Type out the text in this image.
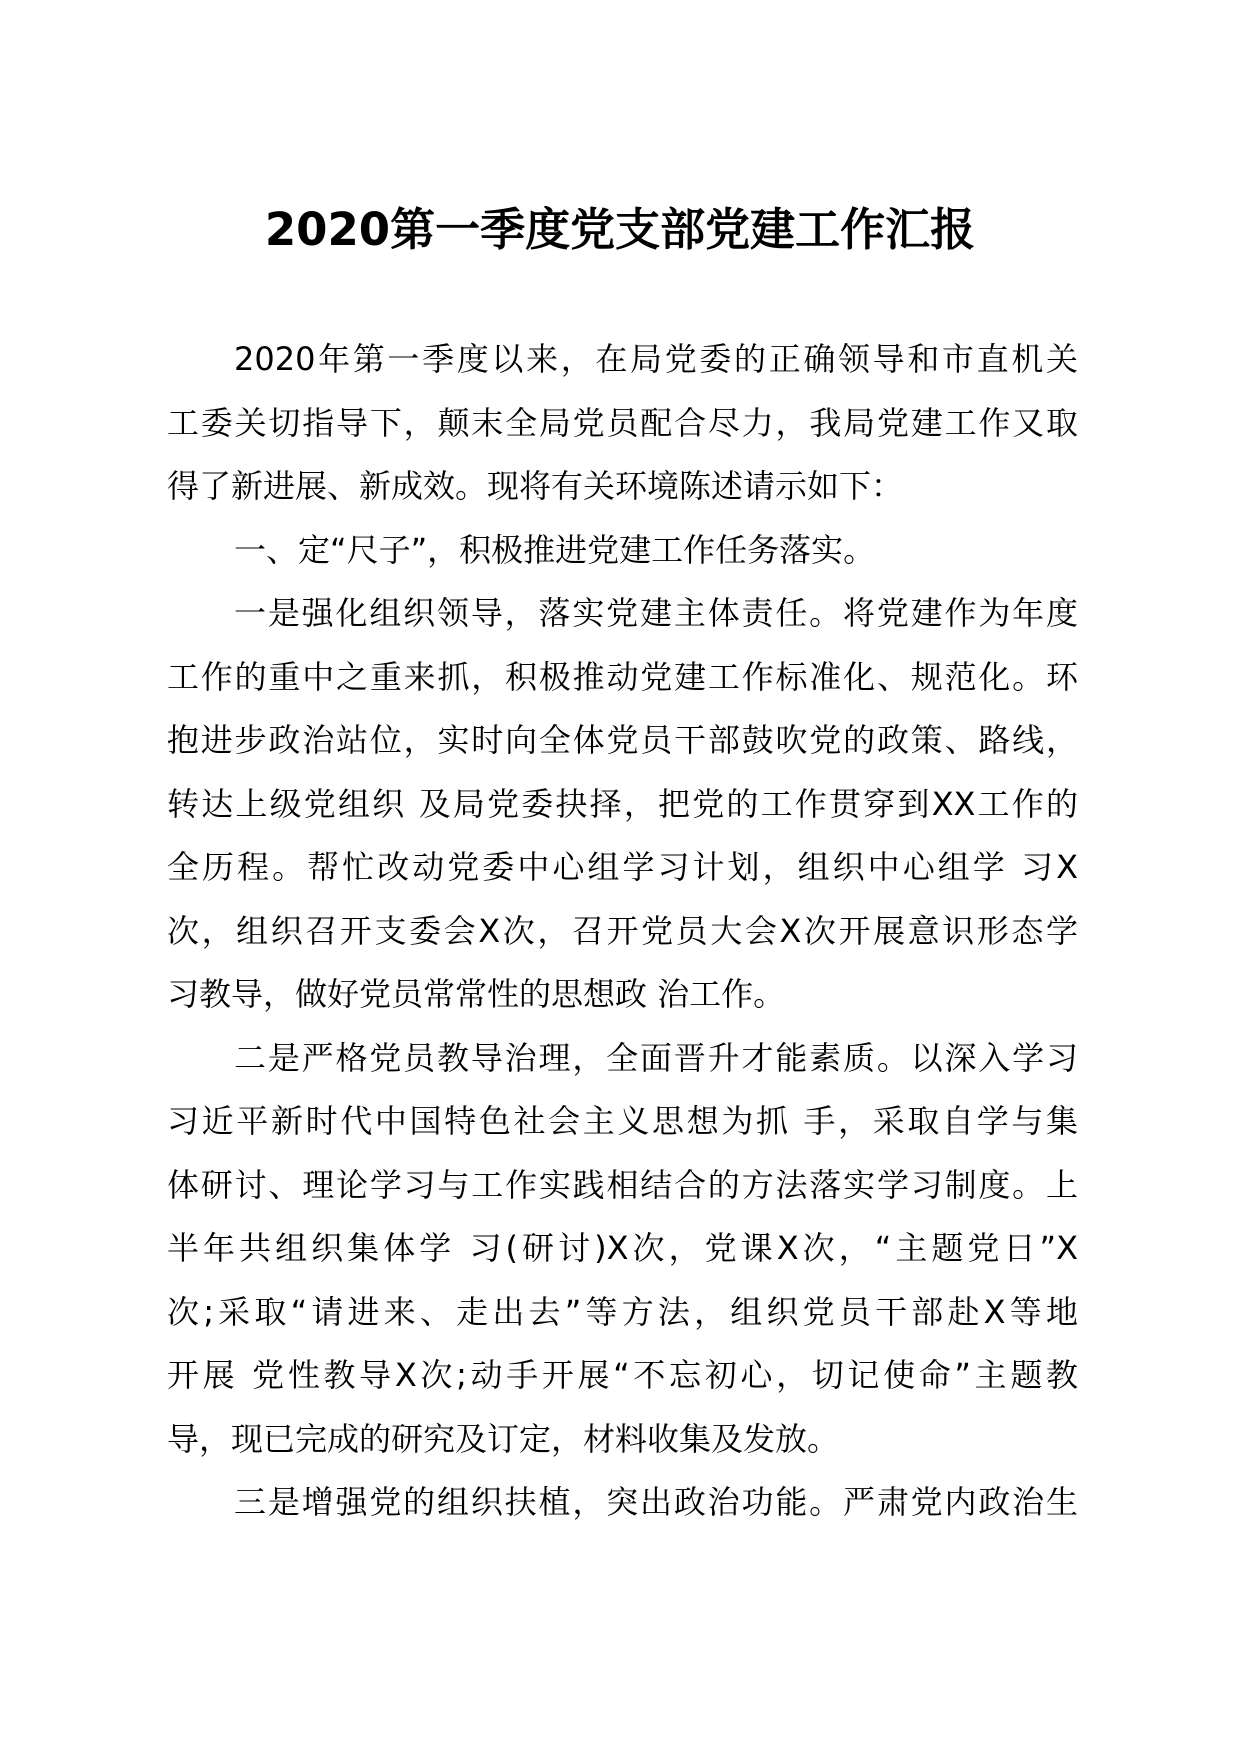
2020第一季度党支部党建工作汇报
2020年第一季度以来，在局党委的正确领导和市直机关
工委关切指导下，颠末全局党员配合尽力，我局党建工作又取
得了新进展、新成效。现将有关环境陈述请示如下：
一、定“尺子”，积极推进党建工作任务落实。
一是强化组织领导，落实党建主体责任。将党建作为年度
工作的重中之重来抓，积极推动党建工作标准化、规范化。环
抱进步政治站位，实时向全体党员干部鼓吹党的政策、路线，
转达上级党组织 及局党委抉择，把党的工作贯穿到XX工作的
全历程。帮忙改动党委中心组学习计划，组织中心组学 习X
次，组织召开支委会X次，召开党员大会X次开展意识形态学
习教导，做好党员常常性的思想政 治工作。
二是严格党员教导治理，全面晋升才能素质。以深入学习
习近平新时代中国特色社会主义思想为抓 手，采取自学与集
体研讨、理论学习与工作实践相结合的方法落实学习制度。上
半年共组织集体学 习(研讨)X次，党课X次，“主题党日”X
次;采取“请进来、走出去”等方法，组织党员干部赴X等地
开展 党性教导X次;动手开展“不忘初心，切记使命”主题教
导，现已完成的研究及订定，材料收集及发放。
三是增强党的组织扶植，突出政治功能。严肃党内政治生
